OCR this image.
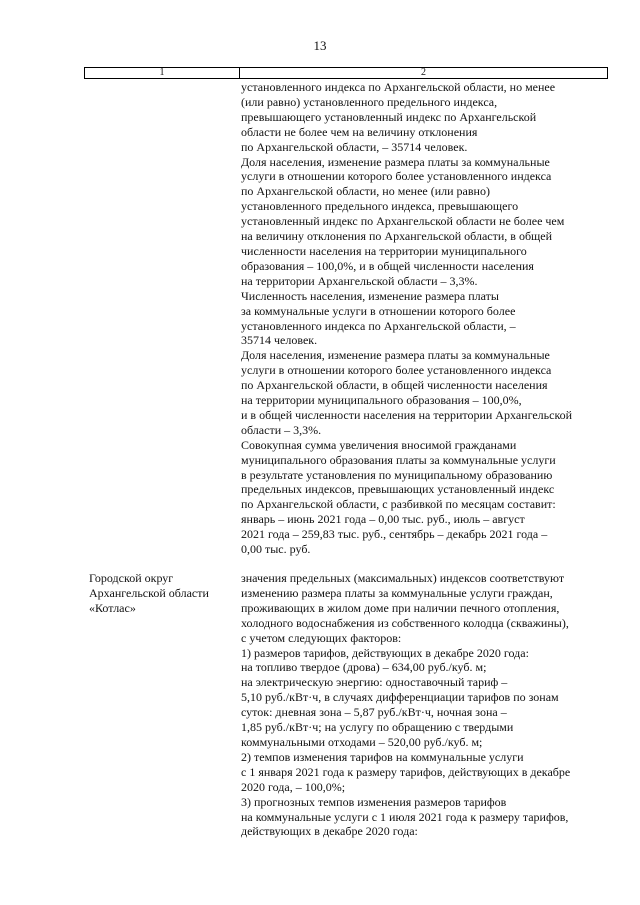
13
1	2
установленного индекса по Архангельской области, но менее
(или равно) установленного предельного индекса,
превышающего установленный индекс по Архангельской
области не более чем на величину отклонения
по Архангельской области, – 35714 человек.
Доля населения, изменение размера платы за коммунальные
услуги в отношении которого более установленного индекса
по Архангельской области, но менее (или равно)
установленного предельного индекса, превышающего
установленный индекс по Архангельской области не более чем
на величину отклонения по Архангельской области, в общей
численности населения на территории муниципального
образования – 100,0%, и в общей численности населения
на территории Архангельской области – 3,3%.
Численность населения, изменение размера платы
за коммунальные услуги в отношении которого более
установленного индекса по Архангельской области, –
35714 человек.
Доля населения, изменение размера платы за коммунальные
услуги в отношении которого более установленного индекса
по Архангельской области, в общей численности населения
на территории муниципального образования – 100,0%,
и в общей численности населения на территории Архангельской
области – 3,3%.
Совокупная сумма увеличения вносимой гражданами
муниципального образования платы за коммунальные услуги
в результате установления по муниципальному образованию
предельных индексов, превышающих установленный индекс
по Архангельской области, с разбивкой по месяцам составит:
январь – июнь 2021 года – 0,00 тыс. руб., июль – август
2021 года – 259,83 тыс. руб., сентябрь – декабрь 2021 года –
0,00 тыс. руб.
Городской округ
Архангельской области
«Котлас»
значения предельных (максимальных) индексов соответствуют
изменению размера платы за коммунальные услуги граждан,
проживающих в жилом доме при наличии печного отопления,
холодного водоснабжения из собственного колодца (скважины),
с учетом следующих факторов:
1) размеров тарифов, действующих в декабре 2020 года:
на топливо твердое (дрова) – 634,00 руб./куб. м;
на электрическую энергию: одноставочный тариф –
5,10 руб./кВт·ч, в случаях дифференциации тарифов по зонам
суток: дневная зона – 5,87 руб./кВт·ч, ночная зона –
1,85 руб./кВт·ч; на услугу по обращению с твердыми
коммунальными отходами – 520,00 руб./куб. м;
2) темпов изменения тарифов на коммунальные услуги
с 1 января 2021 года к размеру тарифов, действующих в декабре
2020 года, – 100,0%;
3) прогнозных темпов изменения размеров тарифов
на коммунальные услуги с 1 июля 2021 года к размеру тарифов,
действующих в декабре 2020 года:
